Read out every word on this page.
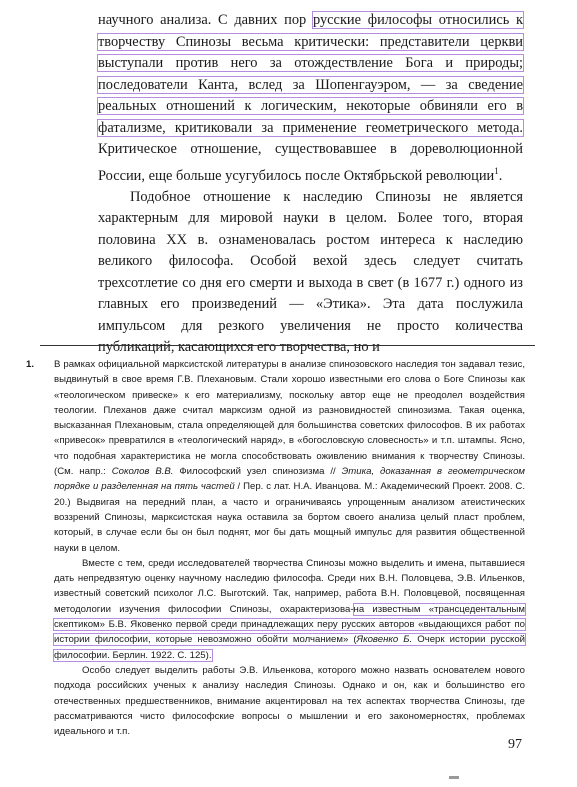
научного анализа. С давних пор русские философы относились к творчеству Спинозы весьма критически: представители церкви выступали против него за отождествление Бога и природы; последователи Канта, вслед за Шопенгауэром, — за сведение реальных отношений к логическим, некоторые обвиняли его в фатализме, критиковали за применение геометрического метода. Критическое отношение, существовавшее в дореволюционной России, еще больше усугубилось после Октябрьской революции$^1$.

Подобное отношение к наследию Спинозы не является характерным для мировой науки в целом. Более того, вторая половина XX в. ознаменовалась ростом интереса к наследию великого философа. Особой вехой здесь следует считать трехсотлетие со дня его смерти и выхода в свет (в 1677 г.) одного из главных его произведений — «Этика». Эта дата послужила импульсом для резкого увеличения не просто количества публикаций, касающихся его творчества, но и

1. В рамках официальной марксистской литературы в анализе спинозовского наследия тон задавал тезис, выдвинутый в свое время Г.В. Плехановым. Стали хорошо известными его слова о Боге Спинозы как «теологическом привеске» к его материализму, поскольку автор еще не преодолел воздействия теологии. Плеханов даже считал марксизм одной из разновидностей спинозизма. Такая оценка, высказанная Плехановым, стала определяющей для большинства советских философов. В их работах «привесок» превратился в «теологический наряд», в «богословскую словесность» и т.п. штампы. Ясно, что подобная характеристика не могла способствовать оживлению внимания к творчеству Спинозы. (См. напр.: Соколов В.В. Философский узел спинозизма // Этика, доказанная в геометрическом порядке и разделенная на пять частей / Пер. с лат. Н.А. Иванцова. М.: Академический Проект. 2008. С. 20.) Выдвигая на передний план, а часто и ограничиваясь упрощенным анализом атеистических воззрений Спинозы, марксистская наука оставила за бортом своего анализа целый пласт проблем, который, в случае если бы он был поднят, мог бы дать мощный импульс для развития общественной науки в целом.

Вместе с тем, среди исследователей творчества Спинозы можно выделить и имена, пытавшиеся дать непредвзятую оценку научному наследию философа. Среди них В.Н. Половцева, Э.В. Ильенков, известный советский психолог Л.С. Выготский. Так, например, работа В.Н. Половцевой, посвященная методологии изучения философии Спинозы, охарактеризова-на известным «трансцедентальным скептиком» Б.В. Яковенко первой среди принадлежащих перу русских авторов «выдающихся работ по истории философии, которые невозможно обойти молчанием» (Яковенко Б. Очерк истории русской философии. Берлин. 1922. С. 125).

Особо следует выделить работы Э.В. Ильенкова, которого можно назвать основателем нового подхода российских ученых к анализу наследия Спинозы. Однако и он, как и большинство его отечественных предшественников, внимание акцентировал на тех аспектах творчества Спинозы, где рассматриваются чисто философские вопросы о мышлении и его закономерностях, проблемах идеального и т.п.

97
